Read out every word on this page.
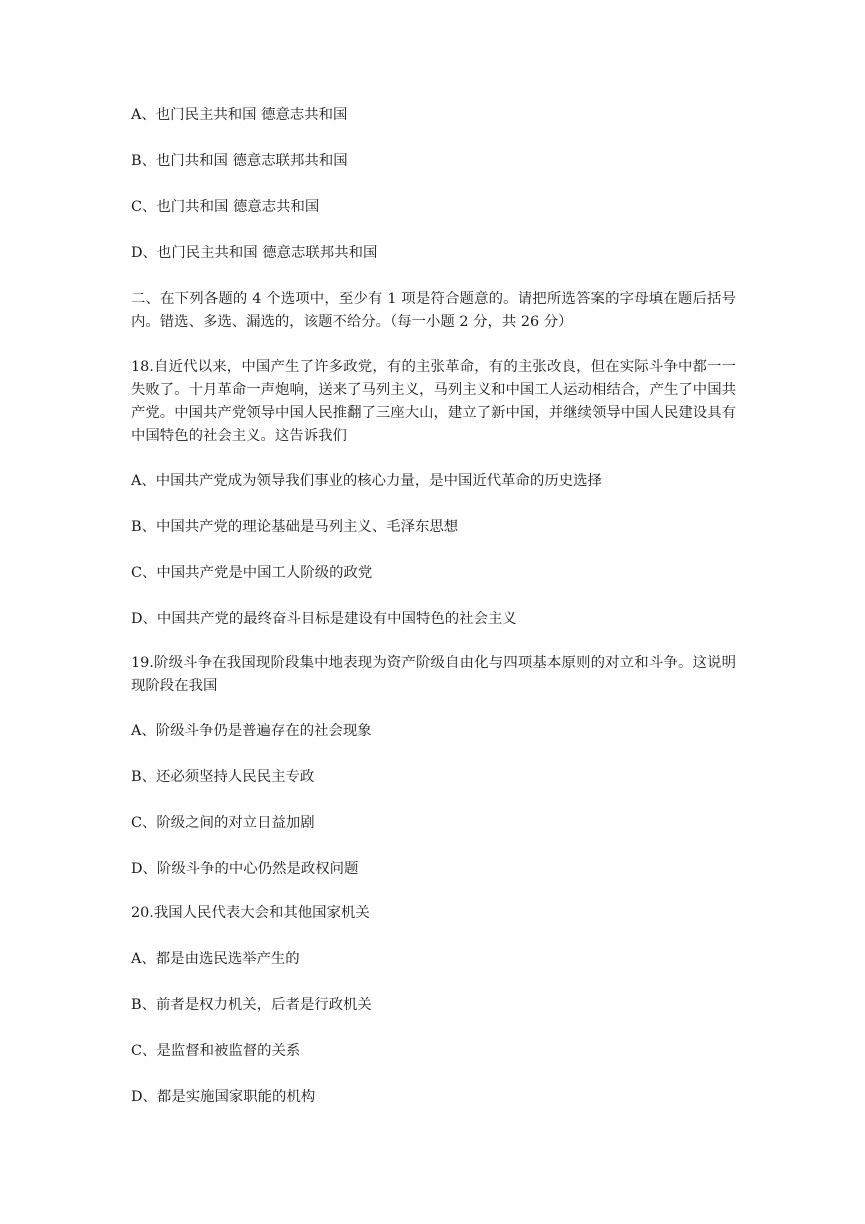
A、也门民主共和国 德意志共和国

B、也门共和国 德意志联邦共和国

C、也门共和国 德意志共和国

D、也门民主共和国 德意志联邦共和国

二、在下列各题的 4 个选项中，至少有 1 项是符合题意的。请把所选答案的字母填在题后括号内。错选、多选、漏选的，该题不给分。（每一小题 2 分，共 26 分）

18.自近代以来，中国产生了许多政党，有的主张革命，有的主张改良，但在实际斗争中都一一失败了。十月革命一声炮响，送来了马列主义，马列主义和中国工人运动相结合，产生了中国共产党。中国共产党领导中国人民推翻了三座大山，建立了新中国，并继续领导中国人民建设具有中国特色的社会主义。这告诉我们

A、中国共产党成为领导我们事业的核心力量，是中国近代革命的历史选择

B、中国共产党的理论基础是马列主义、毛泽东思想

C、中国共产党是中国工人阶级的政党

D、中国共产党的最终奋斗目标是建设有中国特色的社会主义

19.阶级斗争在我国现阶段集中地表现为资产阶级自由化与四项基本原则的对立和斗争。这说明现阶段在我国

A、阶级斗争仍是普遍存在的社会现象

B、还必须坚持人民民主专政

C、阶级之间的对立日益加剧

D、阶级斗争的中心仍然是政权问题

20.我国人民代表大会和其他国家机关

A、都是由选民选举产生的

B、前者是权力机关，后者是行政机关

C、是监督和被监督的关系

D、都是实施国家职能的机构
